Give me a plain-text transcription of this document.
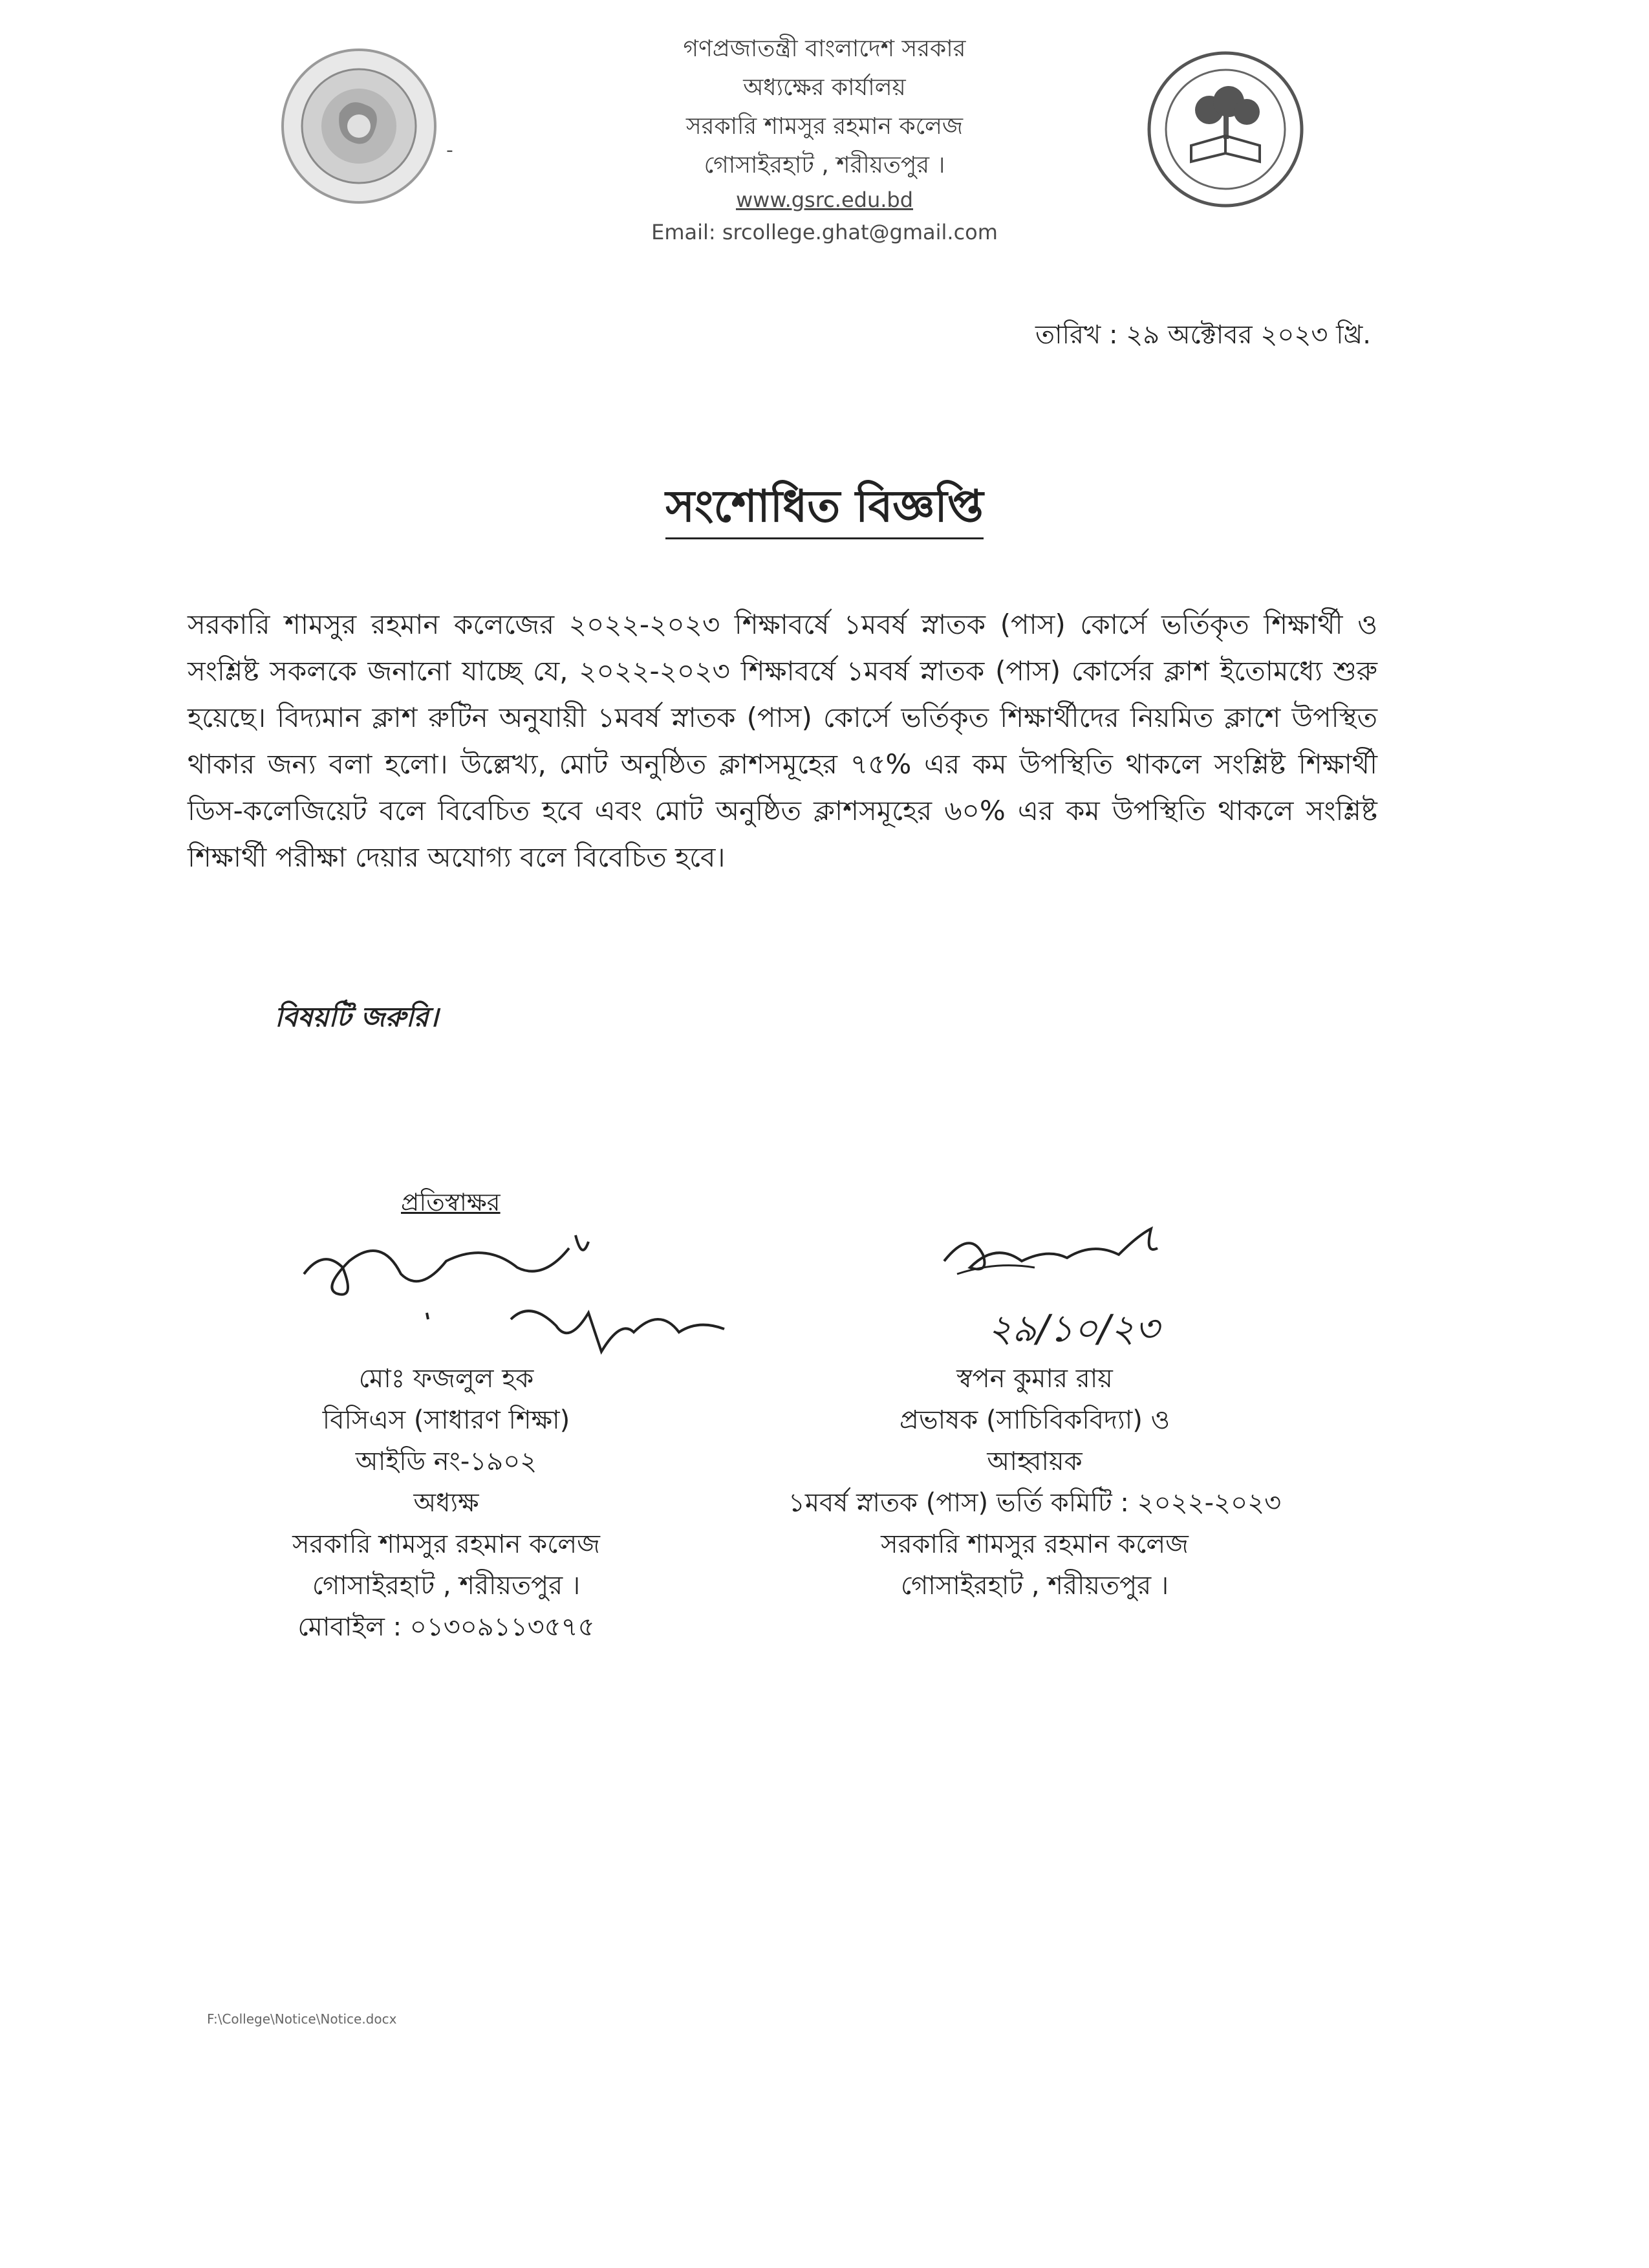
-
গণপ্রজাতন্ত্রী বাংলাদেশ সরকার
অধ্যক্ষের কার্যালয়
সরকারি শামসুর রহমান কলেজ
গোসাইরহাট , শরীয়তপুর ।
www.gsrc.edu.bd
Email: srcollege.ghat@gmail.com
তারিখ : ২৯ অক্টোবর ২০২৩ খ্রি.
সংশোধিত বিজ্ঞপ্তি
সরকারি শামসুর রহমান কলেজের ২০২২-২০২৩ শিক্ষাবর্ষে ১মবর্ষ স্নাতক (পাস) কোর্সে ভর্তিকৃত শিক্ষার্থী ও সংশ্লিষ্ট সকলকে জনানো যাচ্ছে যে, ২০২২-২০২৩ শিক্ষাবর্ষে ১মবর্ষ স্নাতক (পাস) কোর্সের ক্লাশ ইতোমধ্যে শুরু হয়েছে। বিদ্যমান ক্লাশ রুটিন অনুযায়ী ১মবর্ষ স্নাতক (পাস) কোর্সে ভর্তিকৃত শিক্ষার্থীদের নিয়মিত ক্লাশে উপস্থিত থাকার জন্য বলা হলো। উল্লেখ্য, মোট অনুষ্ঠিত ক্লাশসমূহের ৭৫% এর কম উপস্থিতি থাকলে সংশ্লিষ্ট শিক্ষার্থী ডিস-কলেজিয়েট বলে বিবেচিত হবে এবং মোট অনুষ্ঠিত ক্লাশসমূহের ৬০% এর কম উপস্থিতি থাকলে সংশ্লিষ্ট শিক্ষার্থী পরীক্ষা দেয়ার অযোগ্য বলে বিবেচিত হবে।
বিষয়টি জরুরি।
প্রতিস্বাক্ষর
২৯/১০/২৩
মোঃ ফজলুল হক
বিসিএস (সাধারণ শিক্ষা)
আইডি নং-১৯০২
অধ্যক্ষ
সরকারি শামসুর রহমান কলেজ
গোসাইরহাট , শরীয়তপুর ।
মোবাইল : ০১৩০৯১১৩৫৭৫
স্বপন কুমার রায়
প্রভাষক (সাচিবিকবিদ্যা) ও
আহ্বায়ক
১মবর্ষ স্নাতক (পাস) ভর্তি কমিটি : ২০২২-২০২৩
সরকারি শামসুর রহমান কলেজ
গোসাইরহাট , শরীয়তপুর ।
F:\College\Notice\Notice.docx
